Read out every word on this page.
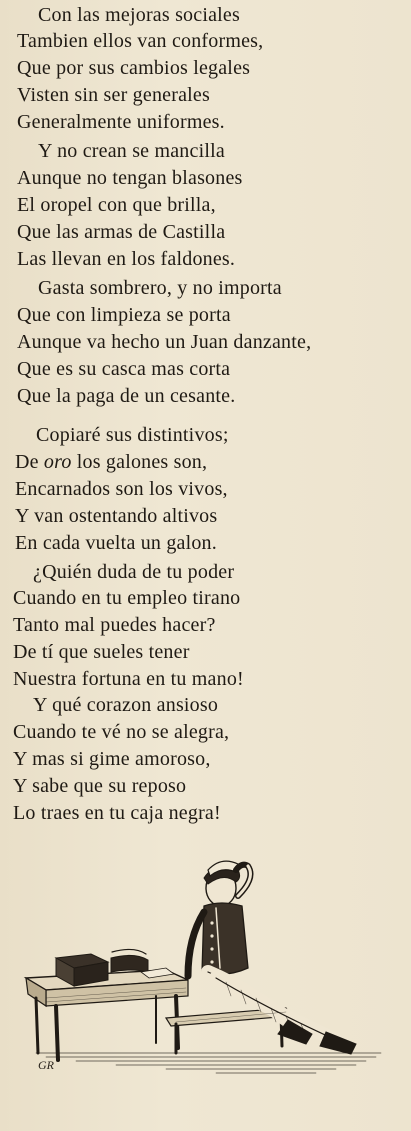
Con las mejoras sociales
Tambien ellos van conformes,
Que por sus cambios legales
Visten sin ser generales
Generalmente uniformes.
Y no crean se mancilla
Aunque no tengan blasones
El oropel con que brilla,
Que las armas de Castilla
Las llevan en los faldones.
Gasta sombrero, y no importa
Que con limpieza se porta
Aunque va hecho un Juan danzante,
Que es su casca mas corta
Que la paga de un cesante.
Copiaré sus distintivos;
De oro los galones son,
Encarnados son los vivos,
Y van ostentando altivos
En cada vuelta un galon.
¿Quién duda de tu poder
Cuando en tu empleo tirano
Tanto mal puedes hacer?
De tí que sueles tener
Nuestra fortuna en tu mano!
Y qué corazon ansioso
Cuando te vé no se alegra,
Y mas si gime amoroso,
Y sabe que su reposo
Lo traes en tu caja negra!
GR
